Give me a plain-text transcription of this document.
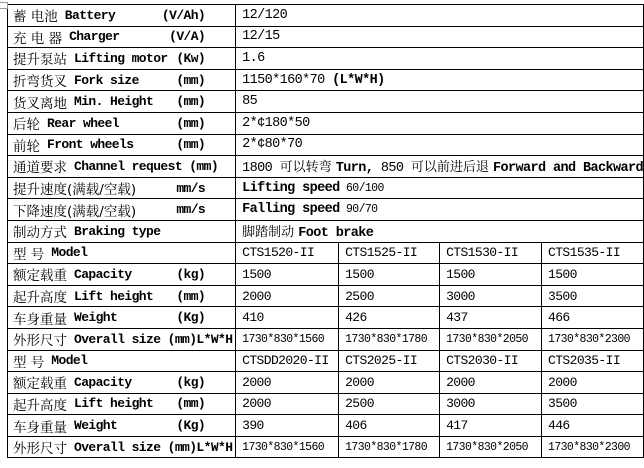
蓄 电池 Battery (V/Ah)	12/120			

充 电 器 Charger (V/A)	12/15			

提升泵站 Lifting motor (Kw)	1.6			

折弯货叉 Fork size (mm)	1150*160*70 (L*W*H)			

货叉离地 Min. Height (mm)	85			

后轮 Rear wheel (mm)	2*¢180*50			

前轮 Front wheels (mm)	2*¢80*70			

通道要求 Channel request (mm)	1800 可以转弯 Turn, 850 可以前进后退 Forward and Backward			

提升速度(满载/空载) mm/s	Lifting speed 60/100			

下降速度(满载/空载) mm/s	Falling speed 90/70			

制动方式 Braking type	脚踏制动 Foot brake			

型 号 Model	CTS1520-II	CTS1525-II	CTS1530-II	CTS1535-II

额定载重 Capacity (kg)	1500	1500	1500	1500

起升高度 Lift height (mm)	2000	2500	3000	3500

车身重量 Weight (Kg)	410	426	437	466

外形尺寸 Overall size (mm)L*W*H	1730*830*1560	1730*830*1780	1730*830*2050	1730*830*2300

型 号 Model	CTSDD2020-II	CTS2025-II	CTS2030-II	CTS2035-II

额定载重 Capacity (kg)	2000	2000	2000	2000

起升高度 Lift height (mm)	2000	2500	3000	3500

车身重量 Weight (Kg)	390	406	417	446

外形尺寸 Overall size (mm)L*W*H	1730*830*1560	1730*830*1780	1730*830*2050	1730*830*2300
